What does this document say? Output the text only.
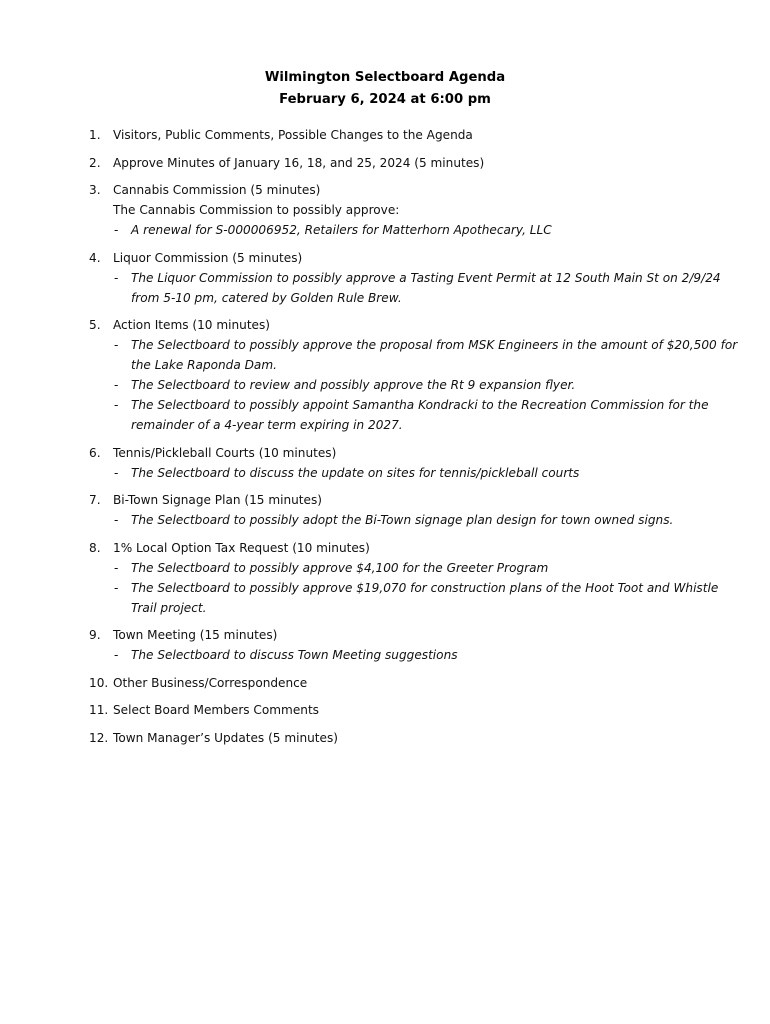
Wilmington Selectboard Agenda
February 6, 2024 at 6:00 pm
1. Visitors, Public Comments, Possible Changes to the Agenda
2. Approve Minutes of January 16, 18, and 25, 2024 (5 minutes)
3. Cannabis Commission (5 minutes)
The Cannabis Commission to possibly approve:
- A renewal for S-000006952, Retailers for Matterhorn Apothecary, LLC
4. Liquor Commission (5 minutes)
- The Liquor Commission to possibly approve a Tasting Event Permit at 12 South Main St on 2/9/24 from 5-10 pm, catered by Golden Rule Brew.
5. Action Items (10 minutes)
- The Selectboard to possibly approve the proposal from MSK Engineers in the amount of $20,500 for the Lake Raponda Dam.
- The Selectboard to review and possibly approve the Rt 9 expansion flyer.
- The Selectboard to possibly appoint Samantha Kondracki to the Recreation Commission for the remainder of a 4-year term expiring in 2027.
6. Tennis/Pickleball Courts (10 minutes)
- The Selectboard to discuss the update on sites for tennis/pickleball courts
7. Bi-Town Signage Plan (15 minutes)
- The Selectboard to possibly adopt the Bi-Town signage plan design for town owned signs.
8. 1% Local Option Tax Request (10 minutes)
- The Selectboard to possibly approve $4,100 for the Greeter Program
- The Selectboard to possibly approve $19,070 for construction plans of the Hoot Toot and Whistle Trail project.
9. Town Meeting (15 minutes)
- The Selectboard to discuss Town Meeting suggestions
10. Other Business/Correspondence
11. Select Board Members Comments
12. Town Manager’s Updates (5 minutes)
